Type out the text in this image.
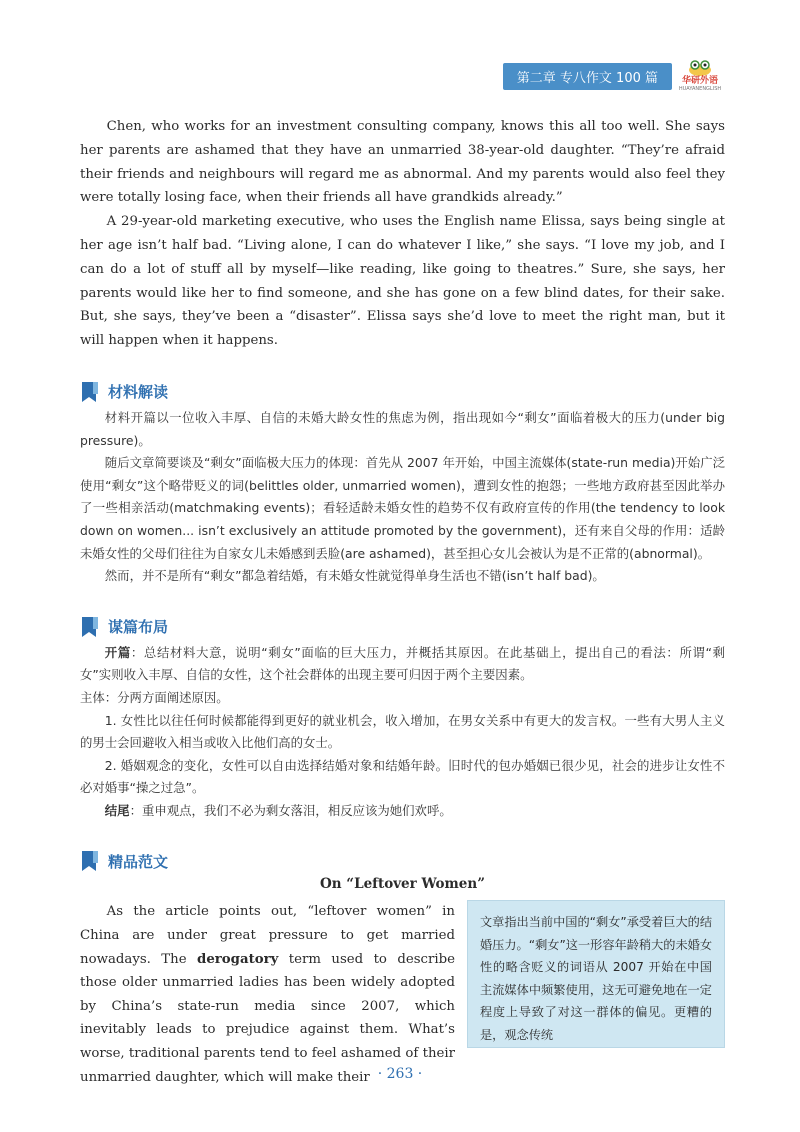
第二章 专八作文 100 篇	华研外语
HUAYANENGLISH

Chen, who works for an investment consulting company, knows this all too well. She says her parents are ashamed that they have an unmarried 38-year-old daughter. “They’re afraid their friends and neighbours will regard me as abnormal. And my parents would also feel they were totally losing face, when their friends all have grandkids already.”

A 29-year-old marketing executive, who uses the English name Elissa, says being single at her age isn’t half bad. “Living alone, I can do whatever I like,” she says. “I love my job, and I can do a lot of stuff all by myself—like reading, like going to theatres.” Sure, she says, her parents would like her to find someone, and she has gone on a few blind dates, for their sake. But, she says, they’ve been a “disaster”. Elissa says she’d love to meet the right man, but it will happen when it happens.

材料解读

材料开篇以一位收入丰厚、自信的未婚大龄女性的焦虑为例，指出现如今“剩女”面临着极大的压力(under big pressure)。

随后文章简要谈及“剩女”面临极大压力的体现：首先从 2007 年开始，中国主流媒体(state-run media)开始广泛使用“剩女”这个略带贬义的词(belittles older, unmarried women)，遭到女性的抱怨；一些地方政府甚至因此举办了一些相亲活动(matchmaking events)；看轻适龄未婚女性的趋势不仅有政府宣传的作用(the tendency to look down on women... isn’t exclusively an attitude promoted by the government)，还有来自父母的作用：适龄未婚女性的父母们往往为自家女儿未婚感到丢脸(are ashamed)，甚至担心女儿会被认为是不正常的(abnormal)。

然而，并不是所有“剩女”都急着结婚，有未婚女性就觉得单身生活也不错(isn’t half bad)。

谋篇布局

开篇：总结材料大意，说明“剩女”面临的巨大压力，并概括其原因。在此基础上，提出自己的看法：所谓“剩女”实则收入丰厚、自信的女性，这个社会群体的出现主要可归因于两个主要因素。

主体：分两方面阐述原因。

1. 女性比以往任何时候都能得到更好的就业机会，收入增加，在男女关系中有更大的发言权。一些有大男人主义的男士会回避收入相当或收入比他们高的女士。

2. 婚姻观念的变化，女性可以自由选择结婚对象和结婚年龄。旧时代的包办婚姻已很少见，社会的进步让女性不必对婚事“操之过急”。

结尾：重申观点，我们不必为剩女落泪，相反应该为她们欢呼。

精品范文
On “Leftover Women”

As the article points out, “leftover women” in China are under great pressure to get married nowadays. The derogatory term used to describe those older unmarried ladies has been widely adopted by China’s state-run media since 2007, which inevitably leads to prejudice against them. What’s worse, traditional parents tend to feel ashamed of their unmarried daughter, which will make their

文章指出当前中国的“剩女”承受着巨大的结婚压力。“剩女”这一形容年龄稍大的未婚女性的略含贬义的词语从 2007 开始在中国主流媒体中频繁使用，这无可避免地在一定程度上导致了对这一群体的偏见。更糟的是，观念传统
· 263 ·
